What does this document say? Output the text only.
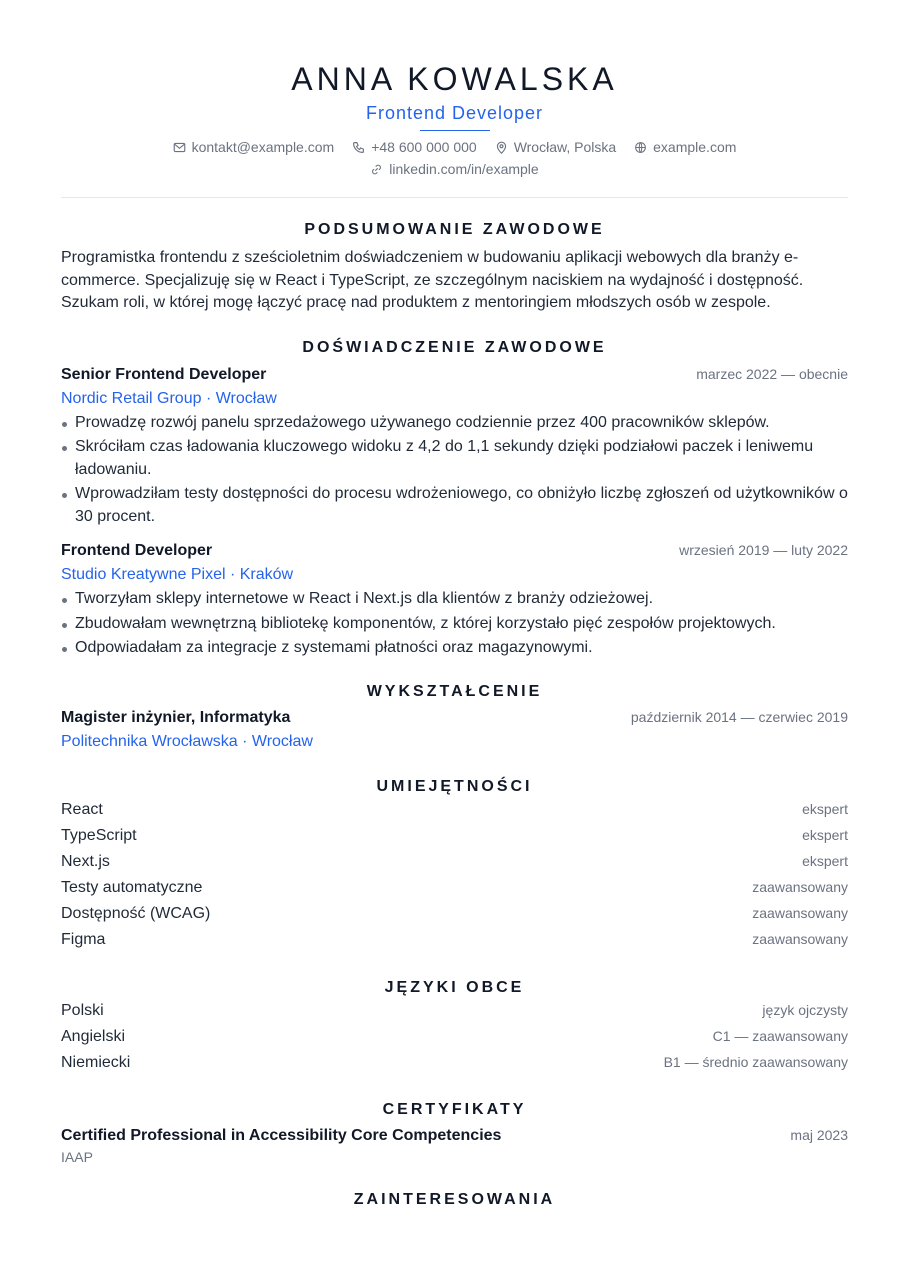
ANNA KOWALSKA
Frontend Developer
kontakt@example.com	+48 600 000 000	Wrocław, Polska	example.com
linkedin.com/in/example
PODSUMOWANIE ZAWODOWE

Programistka frontendu z sześcioletnim doświadczeniem w budowaniu aplikacji webowych dla branży e-commerce. Specjalizuję się w React i TypeScript, ze szczególnym naciskiem na wydajność i dostępność. Szukam roli, w której mogę łączyć pracę nad produktem z mentoringiem młodszych osób w zespole.

DOŚWIADCZENIE ZAWODOWE
Senior Frontend Developer	marzec 2022 — obecnie
Nordic Retail Group · Wrocław
Prowadzę rozwój panelu sprzedażowego używanego codziennie przez 400 pracowników sklepów.
Skróciłam czas ładowania kluczowego widoku z 4,2 do 1,1 sekundy dzięki podziałowi paczek i leniwemu ładowaniu.
Wprowadziłam testy dostępności do procesu wdrożeniowego, co obniżyło liczbę zgłoszeń od użytkowników o 30 procent.
Frontend Developer	wrzesień 2019 — luty 2022
Studio Kreatywne Pixel · Kraków
Tworzyłam sklepy internetowe w React i Next.js dla klientów z branży odzieżowej.
Zbudowałam wewnętrzną bibliotekę komponentów, z której korzystało pięć zespołów projektowych.
Odpowiadałam za integracje z systemami płatności oraz magazynowymi.
WYKSZTAŁCENIE
Magister inżynier, Informatyka	październik 2014 — czerwiec 2019
Politechnika Wrocławska · Wrocław
UMIEJĘTNOŚCI
React	ekspert
TypeScript	ekspert
Next.js	ekspert
Testy automatyczne	zaawansowany
Dostępność (WCAG)	zaawansowany
Figma	zaawansowany
JĘZYKI OBCE
Polski	język ojczysty
Angielski	C1 — zaawansowany
Niemiecki	B1 — średnio zaawansowany
CERTYFIKATY
Certified Professional in Accessibility Core Competencies	maj 2023
IAAP
ZAINTERESOWANIA
